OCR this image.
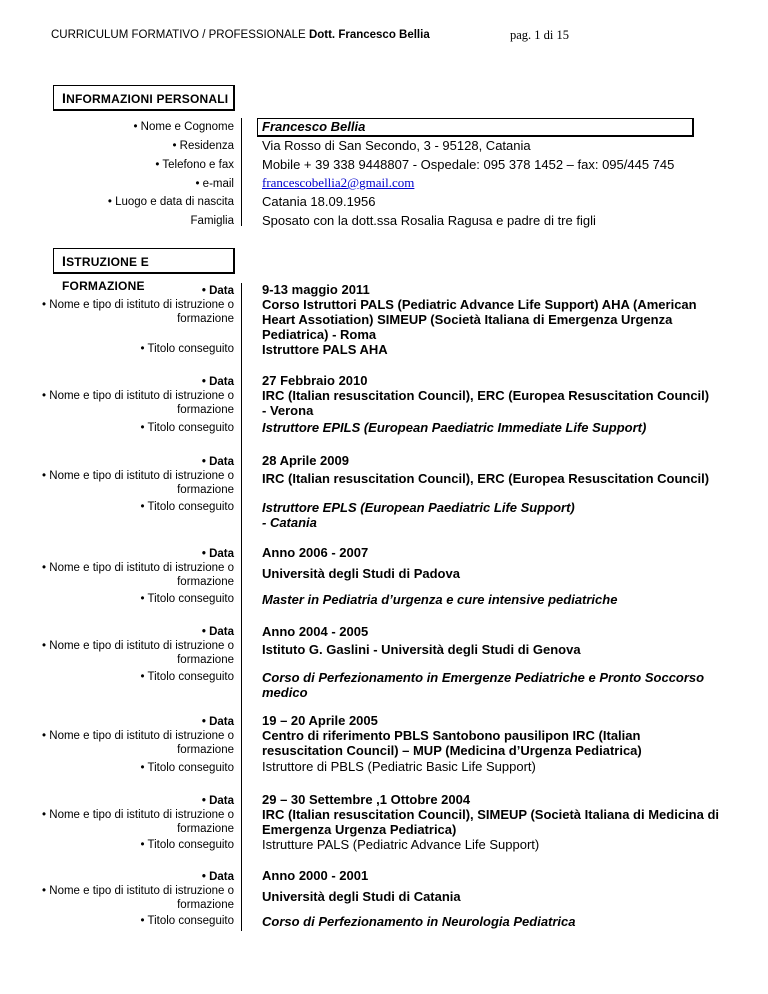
CURRICULUM FORMATIVO / PROFESSIONALE Dott. Francesco Bellia	pag. 1 di 15
INFORMAZIONI PERSONALI
• Nome e Cognome Francesco Bellia
• Residenza Via Rosso di San Secondo, 3 - 95128, Catania
• Telefono e fax Mobile + 39 338 9448807 - Ospedale: 095 378 1452 – fax: 095/445 745
• e-mail francescobellia2@gmail.com
• Luogo e data di nascita Catania 18.09.1956
Famiglia Sposato con la dott.ssa Rosalia Ragusa e padre di tre figli
ISTRUZIONE E FORMAZIONE	• Data
• Nome e tipo di istituto di istruzione o
formazione
• Titolo conseguito
9-13 maggio 2011
Corso Istruttori PALS (Pediatric Advance Life Support) AHA (American
Heart Assotiation) SIMEUP (Società Italiana di Emergenza Urgenza
Pediatrica) - Roma
Istruttore PALS AHA
• Data
• Nome e tipo di istituto di istruzione o
formazione
• Titolo conseguito
27 Febbraio 2010
IRC (Italian resuscitation Council), ERC (Europea Resuscitation Council)
- Verona
Istruttore EPILS (European Paediatric Immediate Life Support)
• Data
• Nome e tipo di istituto di istruzione o
formazione
• Titolo conseguito
28 Aprile 2009
IRC (Italian resuscitation Council), ERC (Europea Resuscitation Council)
Istruttore EPLS (European Paediatric Life Support)
- Catania
• Data
• Nome e tipo di istituto di istruzione o
formazione
• Titolo conseguito
Anno 2006 - 2007
Università degli Studi di Padova
Master in Pediatria d’urgenza e cure intensive pediatriche
• Data
• Nome e tipo di istituto di istruzione o
formazione
• Titolo conseguito
Anno 2004 - 2005
Istituto G. Gaslini - Università degli Studi di Genova
Corso di Perfezionamento in Emergenze Pediatriche e Pronto Soccorso
medico
• Data
• Nome e tipo di istituto di istruzione o
formazione
• Titolo conseguito
19 – 20 Aprile 2005
Centro di riferimento PBLS Santobono pausilipon IRC (Italian
resuscitation Council) – MUP (Medicina d’Urgenza Pediatrica)
Istruttore di PBLS (Pediatric Basic Life Support)
• Data
• Nome e tipo di istituto di istruzione o
formazione
• Titolo conseguito
29 – 30 Settembre ,1 Ottobre 2004
IRC (Italian resuscitation Council), SIMEUP (Società Italiana di Medicina di
Emergenza Urgenza Pediatrica)
Istrutture PALS (Pediatric Advance Life Support)
• Data
• Nome e tipo di istituto di istruzione o
formazione
• Titolo conseguito
Anno 2000 - 2001
Università degli Studi di Catania
Corso di Perfezionamento in Neurologia Pediatrica
